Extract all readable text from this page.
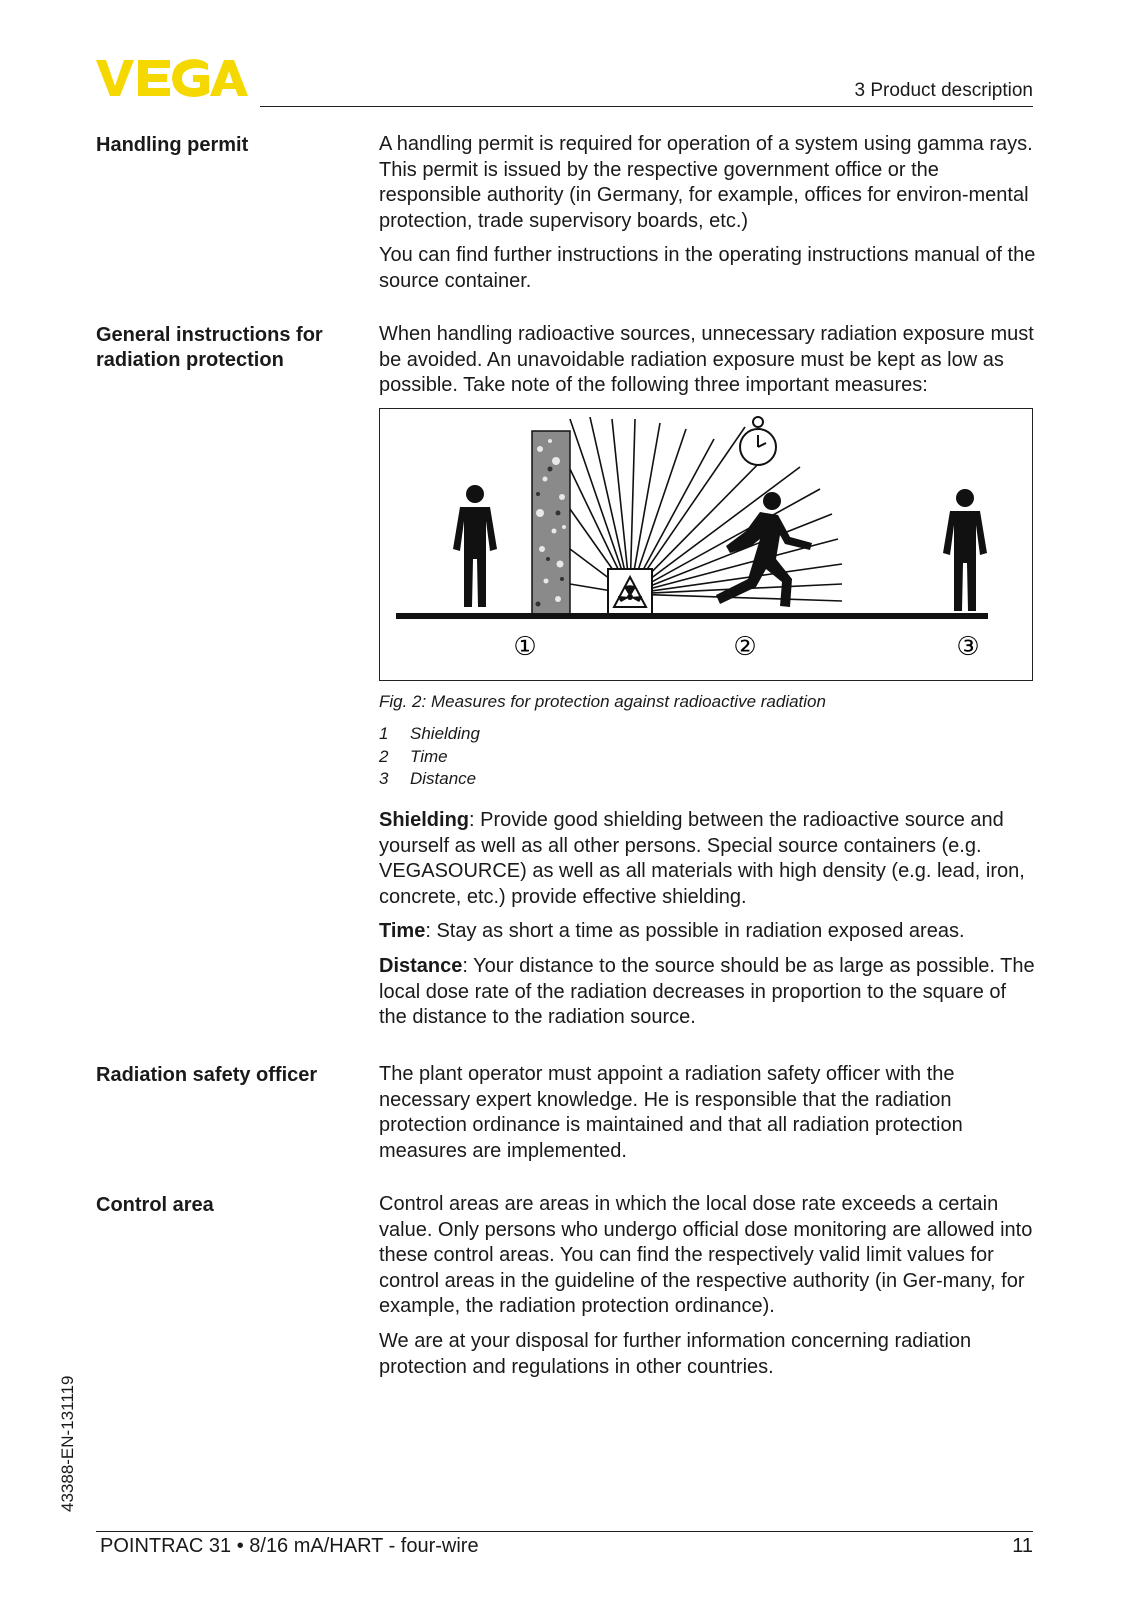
3 Product description
Handling permit	A handling permit is required for operation of a system using gamma rays. This permit is issued by the respective government office or the responsible authority (in Germany, for example, offices for environ-mental protection, trade supervisory boards, etc.)

You can find further instructions in the operating instructions manual of the source container.

General instructions for radiation protection

When handling radioactive sources, unnecessary radiation exposure must be avoided. An unavoidable radiation exposure must be kept as low as possible. Take note of the following three important measures:

①	②	③
Fig. 2: Measures for protection against radioactive radiation
1 Shielding
2 Time
3 Distance

Shielding: Provide good shielding between the radioactive source and yourself as well as all other persons. Special source containers (e.g. VEGASOURCE) as well as all materials with high density (e.g. lead, iron, concrete, etc.) provide effective shielding.

Time: Stay as short a time as possible in radiation exposed areas.

Distance: Your distance to the source should be as large as possible. The local dose rate of the radiation decreases in proportion to the square of the distance to the radiation source.

Radiation safety officer	The plant operator must appoint a radiation safety officer with the necessary expert knowledge. He is responsible that the radiation protection ordinance is maintained and that all radiation protection measures are implemented.

Control area	Control areas are areas in which the local dose rate exceeds a certain value. Only persons who undergo official dose monitoring are allowed into these control areas. You can find the respectively valid limit values for control areas in the guideline of the respective authority (in Ger-many, for example, the radiation protection ordinance).

We are at your disposal for further information concerning radiation protection and regulations in other countries.

43388-EN-131119
POINTRAC 31 • 8/16 mA/HART - four-wire	11
